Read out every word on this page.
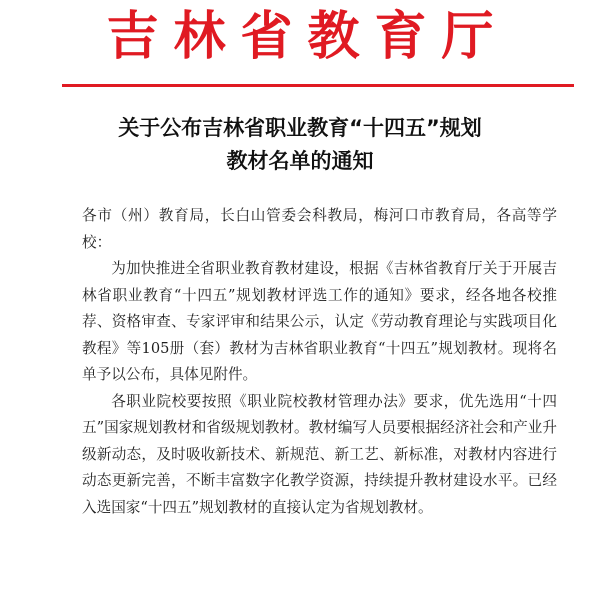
吉林省教育厅
关于公布吉林省职业教育“十四五”规划
教材名单的通知

各市（州）教育局，长白山管委会科教局，梅河口市教育局，各高等学校：

为加快推进全省职业教育教材建设，根据《吉林省教育厅关于开展吉林省职业教育“十四五”规划教材评选工作的通知》要求，经各地各校推荐、资格审查、专家评审和结果公示，认定《劳动教育理论与实践项目化教程》等105册（套）教材为吉林省职业教育“十四五”规划教材。现将名单予以公布，具体见附件。

各职业院校要按照《职业院校教材管理办法》要求，优先选用“十四五”国家规划教材和省级规划教材。教材编写人员要根据经济社会和产业升级新动态，及时吸收新技术、新规范、新工艺、新标准，对教材内容进行动态更新完善，不断丰富数字化教学资源，持续提升教材建设水平。已经入选国家“十四五”规划教材的直接认定为省规划教材。
